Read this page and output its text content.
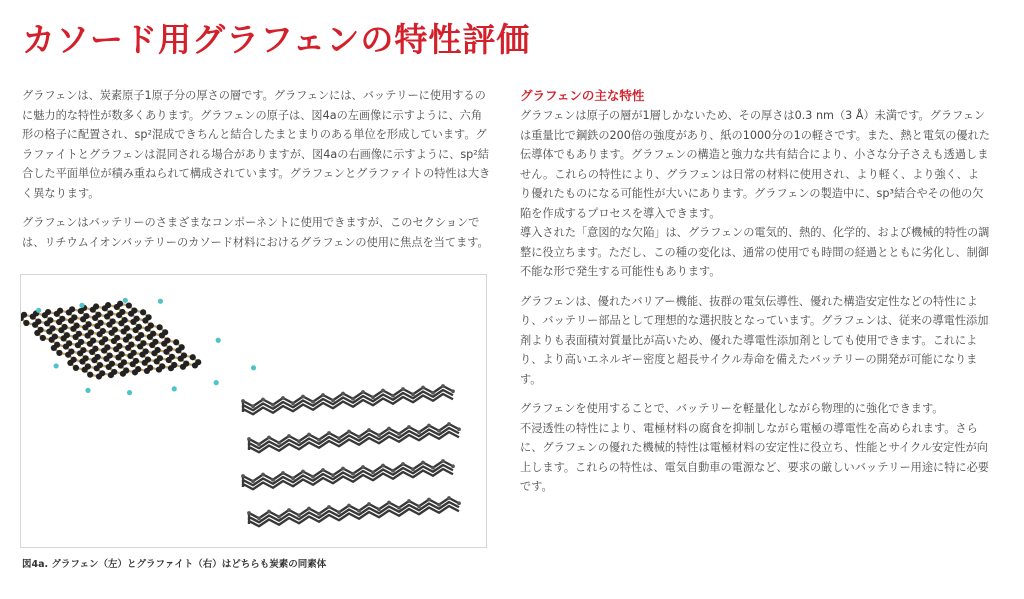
カソード用グラフェンの特性評価

グラフェンは、炭素原子1原子分の厚さの層です。グラフェンには、バッテリーに使用するのに魅力的な特性が数多くあります。グラフェンの原子は、図4aの左画像に示すように、六角形の格子に配置され、sp²混成できちんと結合したまとまりのある単位を形成しています。グラファイトとグラフェンは混同される場合がありますが、図4aの右画像に示すように、sp²結合した平面単位が積み重ねられて構成されています。グラフェンとグラファイトの特性は大きく異なります。

グラフェンはバッテリーのさまざまなコンポーネントに使用できますが、このセクションでは、リチウムイオンバッテリーのカソード材料におけるグラフェンの使用に焦点を当てます。

図4a. グラフェン（左）とグラファイト（右）はどちらも炭素の同素体
グラフェンの主な特性

グラフェンは原子の層が1層しかないため、その厚さは0.3 nm（3 Å）未満です。グラフェンは重量比で鋼鉄の200倍の強度があり、紙の1000分の1の軽さです。また、熱と電気の優れた伝導体でもあります。グラフェンの構造と強力な共有結合により、小さな分子さえも透過しません。これらの特性により、グラフェンは日常の材料に使用され、より軽く、より強く、より優れたものになる可能性が大いにあります。グラフェンの製造中に、sp³結合やその他の欠陥を作成するプロセスを導入できます。

導入された「意図的な欠陥」は、グラフェンの電気的、熱的、化学的、および機械的特性の調整に役立ちます。ただし、この種の変化は、通常の使用でも時間の経過とともに劣化し、制御不能な形で発生する可能性もあります。

グラフェンは、優れたバリアー機能、抜群の電気伝導性、優れた構造安定性などの特性により、バッテリー部品として理想的な選択肢となっています。グラフェンは、従来の導電性添加剤よりも表面積対質量比が高いため、優れた導電性添加剤としても使用できます。これにより、より高いエネルギー密度と超長サイクル寿命を備えたバッテリーの開発が可能になります。

グラフェンを使用することで、バッテリーを軽量化しながら物理的に強化できます。

不浸透性の特性により、電極材料の腐食を抑制しながら電極の導電性を高められます。さらに、グラフェンの優れた機械的特性は電極材料の安定性に役立ち、性能とサイクル安定性が向上します。これらの特性は、電気自動車の電源など、要求の厳しいバッテリー用途に特に必要です。
